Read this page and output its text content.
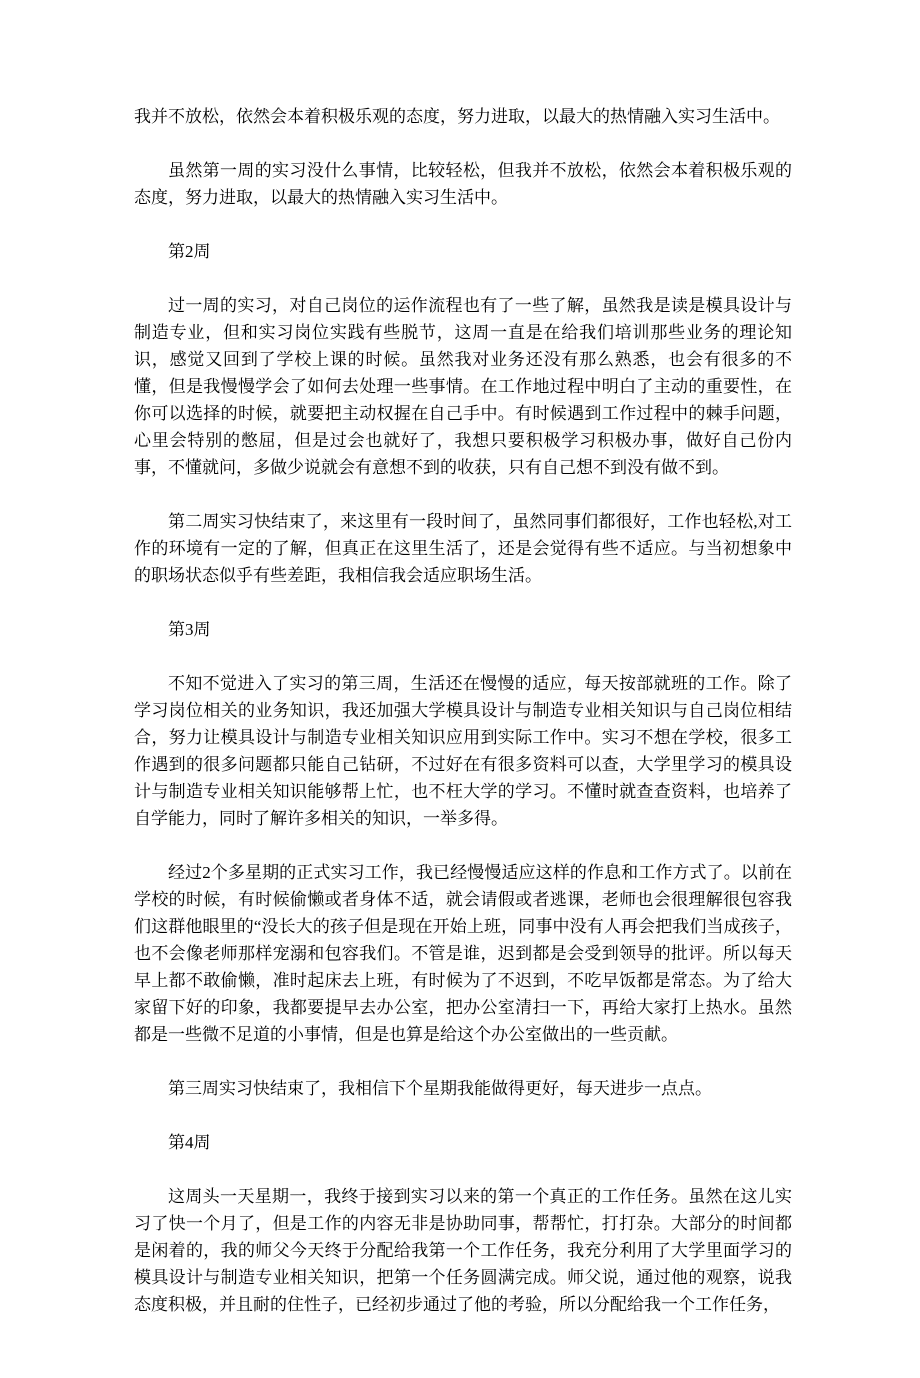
我并不放松，依然会本着积极乐观的态度，努力进取，以最大的热情融入实习生活中。

虽然第一周的实习没什么事情，比较轻松，但我并不放松，依然会本着积极乐观的态度，努力进取，以最大的热情融入实习生活中。

第2周

过一周的实习，对自己岗位的运作流程也有了一些了解，虽然我是读是模具设计与制造专业，但和实习岗位实践有些脱节，这周一直是在给我们培训那些业务的理论知识，感觉又回到了学校上课的时候。虽然我对业务还没有那么熟悉，也会有很多的不懂，但是我慢慢学会了如何去处理一些事情。在工作地过程中明白了主动的重要性，在你可以选择的时候，就要把主动权握在自己手中。有时候遇到工作过程中的棘手问题，心里会特别的憋屈，但是过会也就好了，我想只要积极学习积极办事，做好自己份内事，不懂就问，多做少说就会有意想不到的收获，只有自己想不到没有做不到。

第二周实习快结束了，来这里有一段时间了，虽然同事们都很好，工作也轻松,对工作的环境有一定的了解，但真正在这里生活了，还是会觉得有些不适应。与当初想象中的职场状态似乎有些差距，我相信我会适应职场生活。

第3周

不知不觉进入了实习的第三周，生活还在慢慢的适应，每天按部就班的工作。除了学习岗位相关的业务知识，我还加强大学模具设计与制造专业相关知识与自己岗位相结合，努力让模具设计与制造专业相关知识应用到实际工作中。实习不想在学校，很多工作遇到的很多问题都只能自己钻研，不过好在有很多资料可以查，大学里学习的模具设计与制造专业相关知识能够帮上忙，也不枉大学的学习。不懂时就查查资料，也培养了自学能力，同时了解许多相关的知识，一举多得。

经过2个多星期的正式实习工作，我已经慢慢适应这样的作息和工作方式了。以前在学校的时候，有时候偷懒或者身体不适，就会请假或者逃课，老师也会很理解很包容我们这群他眼里的“没长大的孩子但是现在开始上班，同事中没有人再会把我们当成孩子，也不会像老师那样宠溺和包容我们。不管是谁，迟到都是会受到领导的批评。所以每天早上都不敢偷懒，准时起床去上班，有时候为了不迟到，不吃早饭都是常态。为了给大家留下好的印象，我都要提早去办公室，把办公室清扫一下，再给大家打上热水。虽然都是一些微不足道的小事情，但是也算是给这个办公室做出的一些贡献。

第三周实习快结束了，我相信下个星期我能做得更好，每天进步一点点。

第4周

这周头一天星期一，我终于接到实习以来的第一个真正的工作任务。虽然在这儿实习了快一个月了，但是工作的内容无非是协助同事，帮帮忙，打打杂。大部分的时间都是闲着的，我的师父今天终于分配给我第一个工作任务，我充分利用了大学里面学习的模具设计与制造专业相关知识，把第一个任务圆满完成。师父说，通过他的观察，说我态度积极，并且耐的住性子，已经初步通过了他的考验，所以分配给我一个工作任务，
